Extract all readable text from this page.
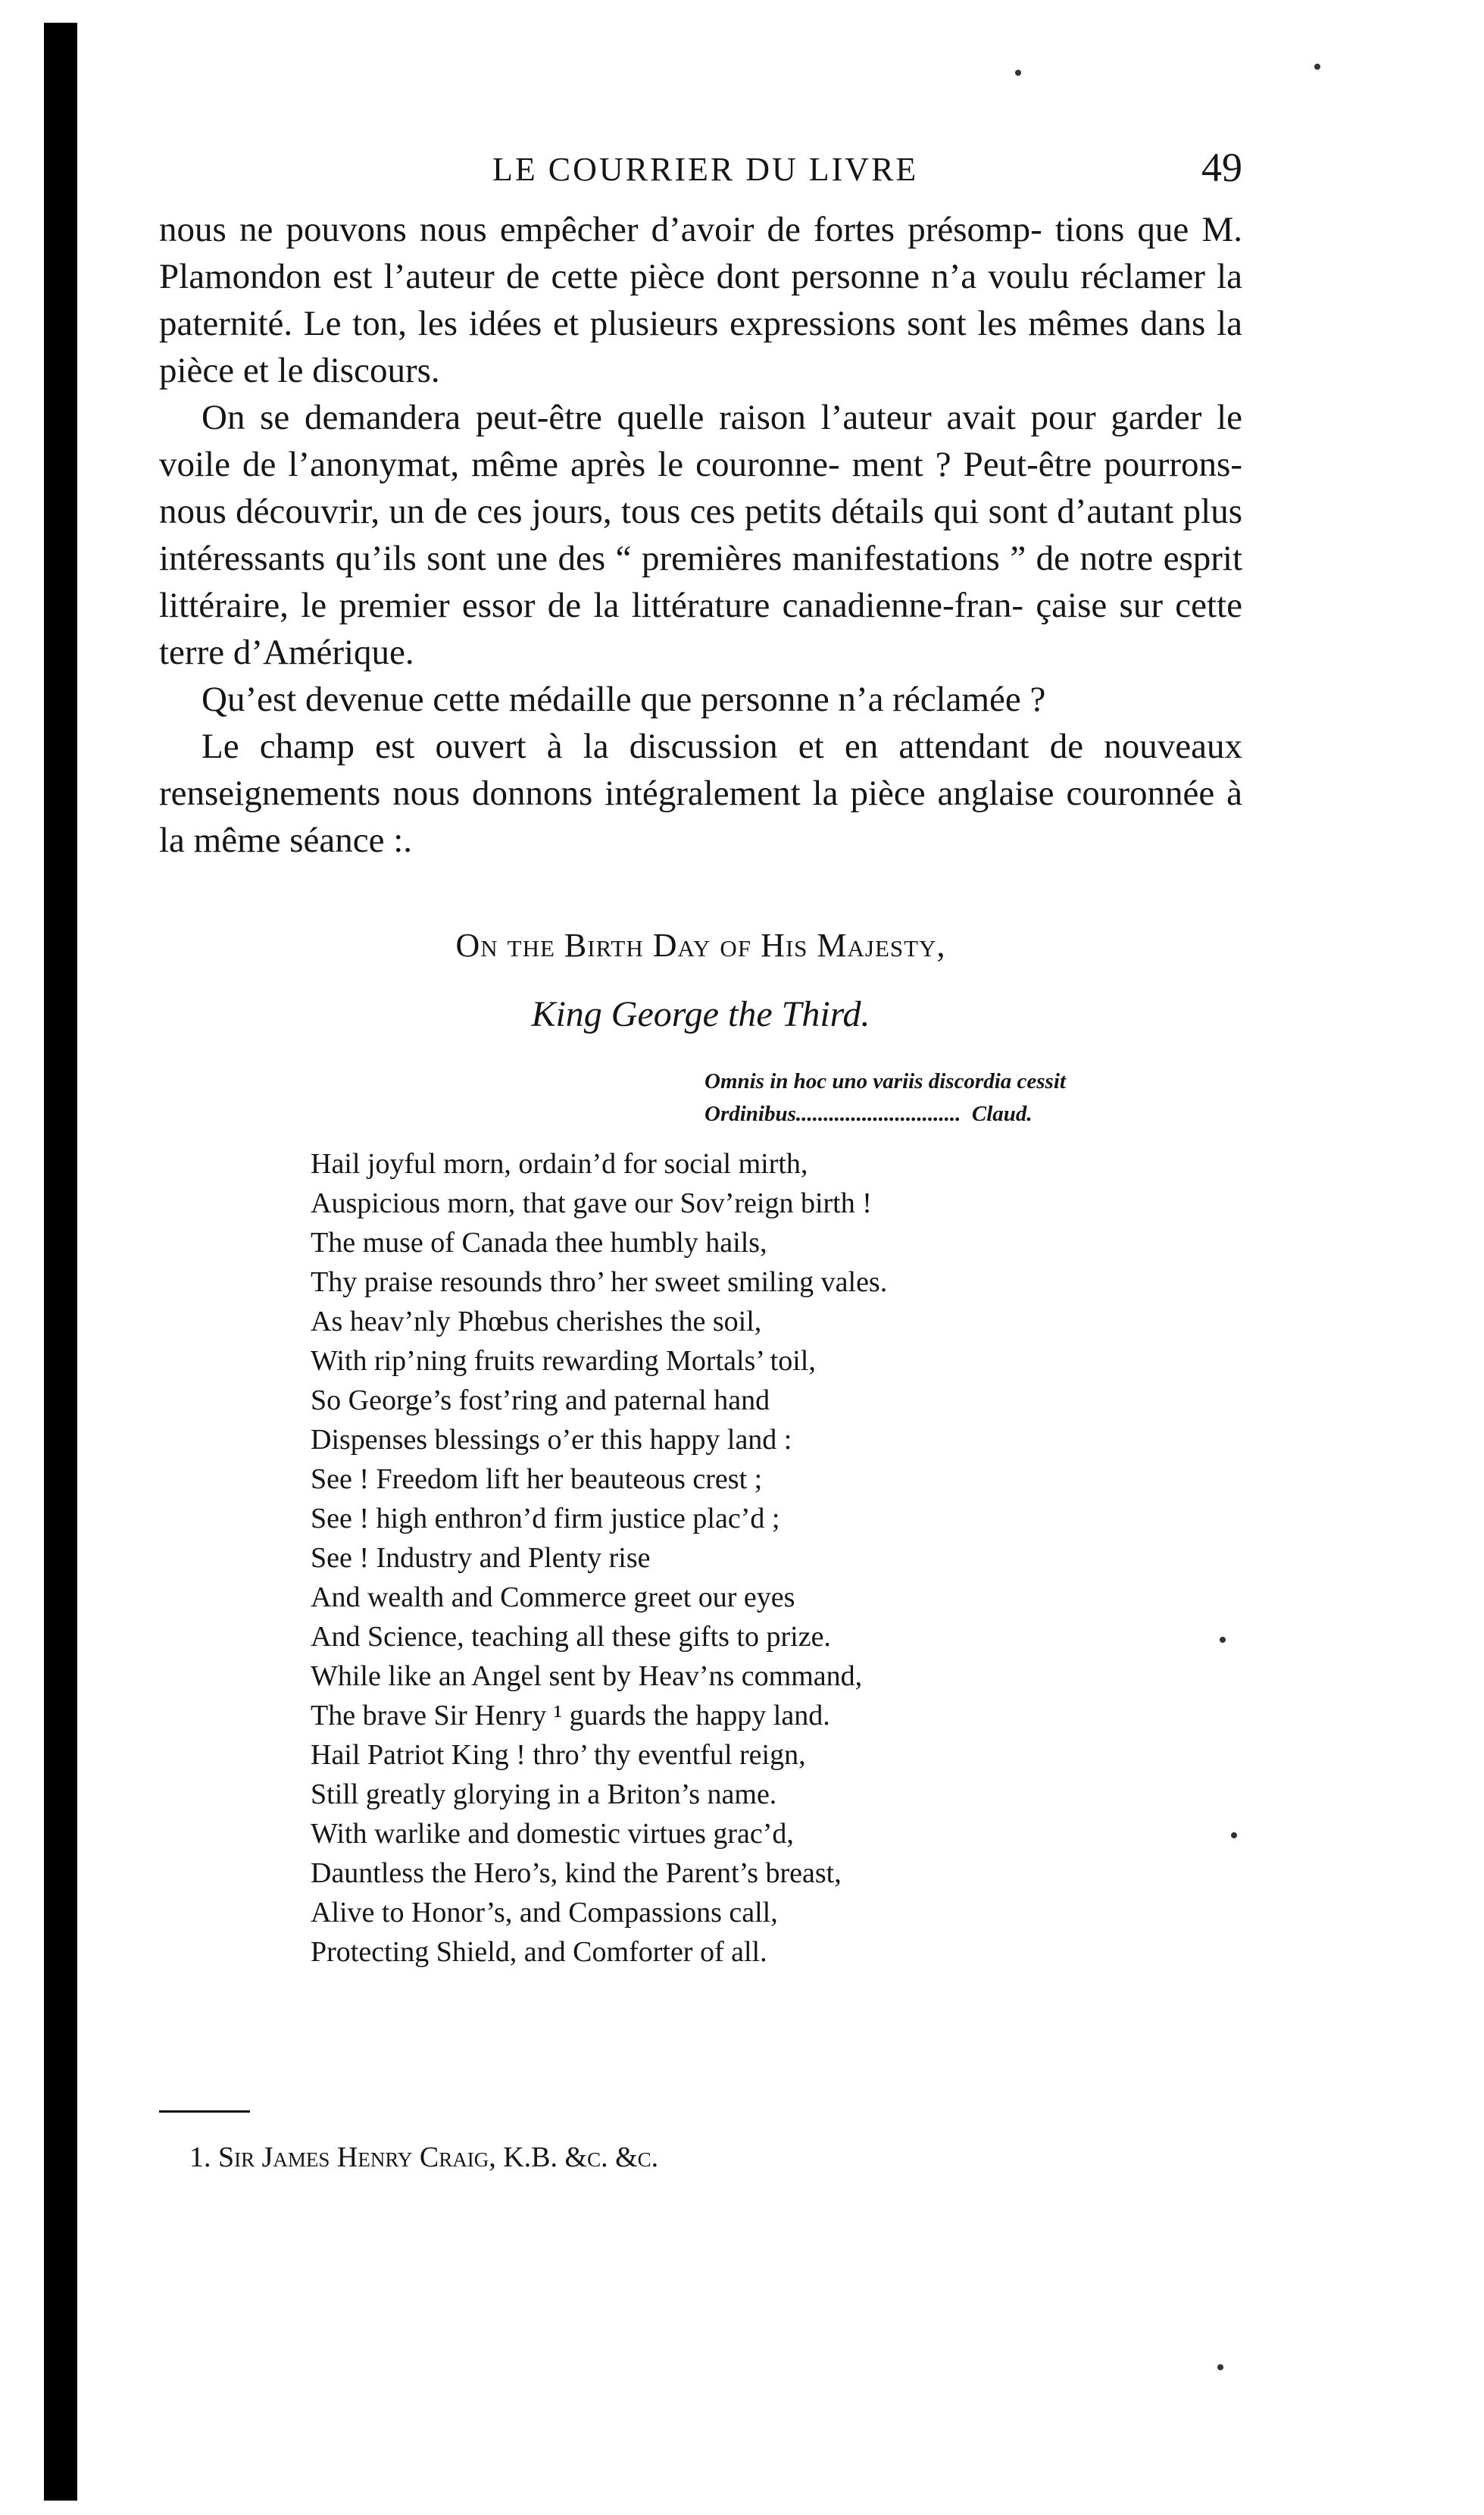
LE COURRIER DU LIVRE	49

nous ne pouvons nous empêcher d’avoir de fortes présomp- tions que M. Plamondon est l’auteur de cette pièce dont personne n’a voulu réclamer la paternité. Le ton, les idées et plusieurs expressions sont les mêmes dans la pièce et le discours.

On se demandera peut-être quelle raison l’auteur avait pour garder le voile de l’anonymat, même après le couronne- ment ? Peut-être pourrons-nous découvrir, un de ces jours, tous ces petits détails qui sont d’autant plus intéressants qu’ils sont une des “ premières manifestations ” de notre esprit littéraire, le premier essor de la littérature canadienne-fran- çaise sur cette terre d’Amérique.

Qu’est devenue cette médaille que personne n’a réclamée ?

Le champ est ouvert à la discussion et en attendant de nouveaux renseignements nous donnons intégralement la pièce anglaise couronnée à la même séance :.

On the Birth Day of His Majesty,
King George the Third.
Omnis in hoc uno variis discordia cessit
Ordinibus..............................  Claud.
Hail joyful morn, ordain’d for social mirth,
Auspicious morn, that gave our Sov’reign birth !
The muse of Canada thee humbly hails,
Thy praise resounds thro’ her sweet smiling vales.
As heav’nly Phœbus cherishes the soil,
With rip’ning fruits rewarding Mortals’ toil,
So George’s fost’ring and paternal hand
Dispenses blessings o’er this happy land :
See ! Freedom lift her beauteous crest ;
See ! high enthron’d firm justice plac’d ;
See ! Industry and Plenty rise
And wealth and Commerce greet our eyes
And Science, teaching all these gifts to prize.
While like an Angel sent by Heav’ns command,
The brave Sir Henry ¹ guards the happy land.
Hail Patriot King ! thro’ thy eventful reign,
Still greatly glorying in a Briton’s name.
With warlike and domestic virtues grac’d,
Dauntless the Hero’s, kind the Parent’s breast,
Alive to Honor’s, and Compassions call,
Protecting Shield, and Comforter of all.
1. Sir James Henry Craig, K.B. &c. &c.
